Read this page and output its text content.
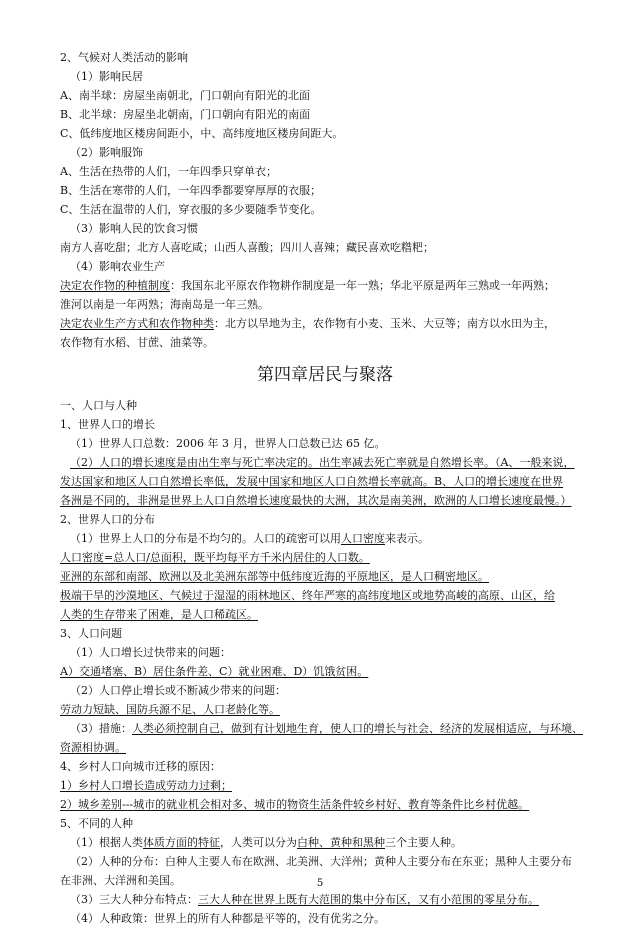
2、气候对人类活动的影响
（1）影响民居
A、南半球：房屋坐南朝北，门口朝向有阳光的北面
B、北半球：房屋坐北朝南，门口朝向有阳光的南面
C、低纬度地区楼房间距小，中、高纬度地区楼房间距大。
（2）影响服饰
A、生活在热带的人们，一年四季只穿单衣；
B、生活在寒带的人们，一年四季都要穿厚厚的衣服；
C、生活在温带的人们，穿衣服的多少要随季节变化。
（3）影响人民的饮食习惯
南方人喜吃甜；北方人喜吃咸；山西人喜酸；四川人喜辣；藏民喜欢吃糌粑；
（4）影响农业生产
决定农作物的种植制度：我国东北平原农作物耕作制度是一年一熟；华北平原是两年三熟或一年两熟；
淮河以南是一年两熟；海南岛是一年三熟。
决定农业生产方式和农作物种类：北方以旱地为主，农作物有小麦、玉米、大豆等；南方以水田为主，
农作物有水稻、甘蔗、油菜等。
第四章居民与聚落
一、人口与人种
1、世界人口的增长
（1）世界人口总数：2006 年 3 月，世界人口总数已达 65 亿。
（2）人口的增长速度是由出生率与死亡率决定的。出生率减去死亡率就是自然增长率。（A、一般来说，
发达国家和地区人口自然增长率低，发展中国家和地区人口自然增长率就高。B、人口的增长速度在世界
各洲是不同的，非洲是世界上人口自然增长速度最快的大洲，其次是南美洲，欧洲的人口增长速度最慢。）
2、世界人口的分布
（1）世界上人口的分布是不均匀的。人口的疏密可以用人口密度来表示。
人口密度=总人口/总面积，既平均每平方千米内居住的人口数。
亚洲的东部和南部、欧洲以及北美洲东部等中低纬度近海的平原地区，是人口稠密地区。
极端干旱的沙漠地区、气候过于湿湿的雨林地区、终年严寒的高纬度地区或地势高峻的高原、山区，给
人类的生存带来了困难，是人口稀疏区。
3、人口问题
（1）人口增长过快带来的问题：
A）交通堵塞、B）居住条件差、C）就业困难、D）饥饿贫困。
（2）人口停止增长或不断减少带来的问题：
劳动力短缺、国防兵源不足、人口老龄化等。
（3）措施：人类必须控制自己，做到有计划地生育，使人口的增长与社会、经济的发展相适应，与环境、
资源相协调。
4、乡村人口向城市迁移的原因：
1）乡村人口增长造成劳动力过剩；
2）城乡差别---城市的就业机会相对多、城市的物资生活条件较乡村好、教育等条件比乡村优越。
5、不同的人种
（1）根据人类体质方面的特征，人类可以分为白种、黄种和黑种三个主要人种。
（2）人种的分布：白种人主要人布在欧洲、北美洲、大洋州；黄种人主要分布在东亚；黑种人主要分布
在非洲、大洋洲和美国。
（3）三大人种分布特点：三大人种在世界上既有大范围的集中分布区，又有小范围的零星分布。
（4）人种政策：世界上的所有人种都是平等的，没有优劣之分。
5
